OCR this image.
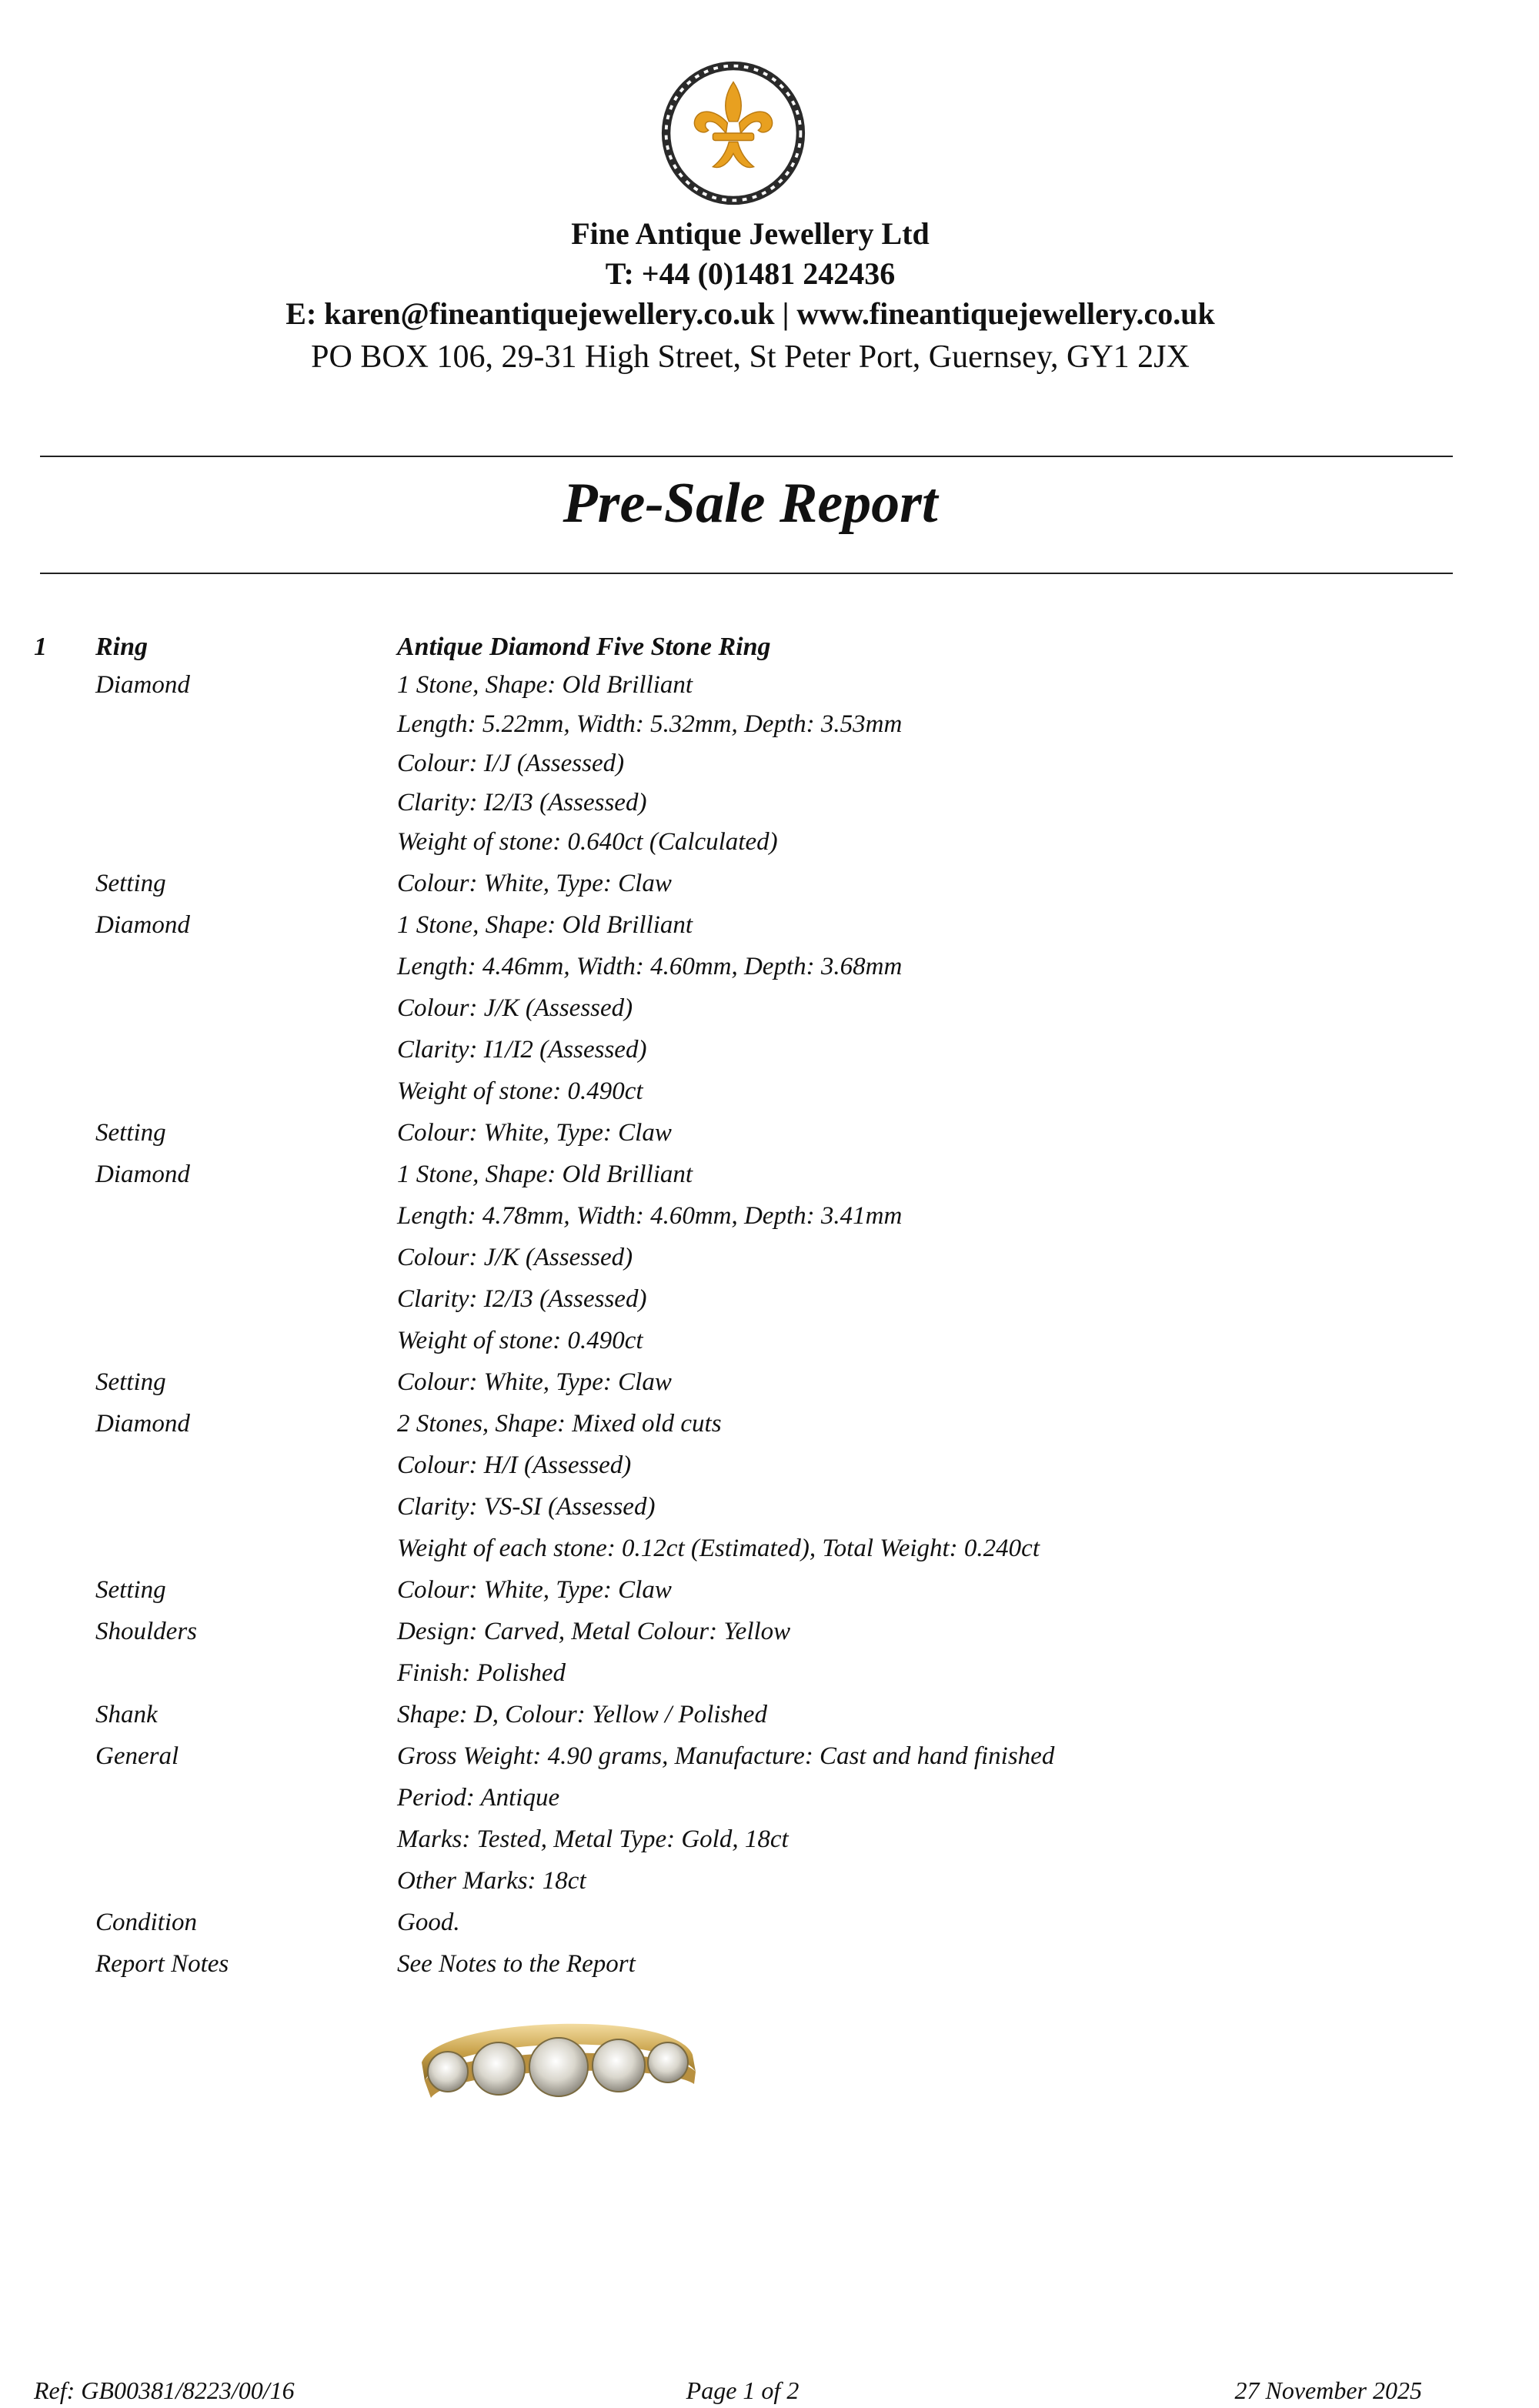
Fine Antique Jewellery Ltd
T: +44 (0)1481 242436
E: karen@fineantiquejewellery.co.uk | www.fineantiquejewellery.co.uk
PO BOX 106, 29-31 High Street, St Peter Port, Guernsey, GY1 2JX
Pre-Sale Report
1 Ring	Antique Diamond Five Stone Ring
Diamond	1 Stone, Shape: Old Brilliant
Length: 5.22mm, Width: 5.32mm, Depth: 3.53mm
Colour: I/J (Assessed)
Clarity: I2/I3 (Assessed)
Weight of stone: 0.640ct (Calculated)
Setting	Colour: White, Type: Claw
Diamond	1 Stone, Shape: Old Brilliant
Length: 4.46mm, Width: 4.60mm, Depth: 3.68mm
Colour: J/K (Assessed)
Clarity: I1/I2 (Assessed)
Weight of stone: 0.490ct
Setting	Colour: White, Type: Claw
Diamond	1 Stone, Shape: Old Brilliant
Length: 4.78mm, Width: 4.60mm, Depth: 3.41mm
Colour: J/K (Assessed)
Clarity: I2/I3 (Assessed)
Weight of stone: 0.490ct
Setting	Colour: White, Type: Claw
Diamond	2 Stones, Shape: Mixed old cuts
Colour: H/I (Assessed)
Clarity: VS-SI (Assessed)
Weight of each stone: 0.12ct (Estimated), Total Weight: 0.240ct
Setting	Colour: White, Type: Claw
Shoulders	Design: Carved, Metal Colour: Yellow
Finish: Polished
Shank	Shape: D, Colour: Yellow / Polished
General	Gross Weight: 4.90 grams, Manufacture: Cast and hand finished
Period: Antique
Marks: Tested, Metal Type: Gold, 18ct
Other Marks: 18ct
Condition	Good.
Report Notes	See Notes to the Report
Ref: GB00381/8223/00/16	Page 1 of 2	27 November 2025
